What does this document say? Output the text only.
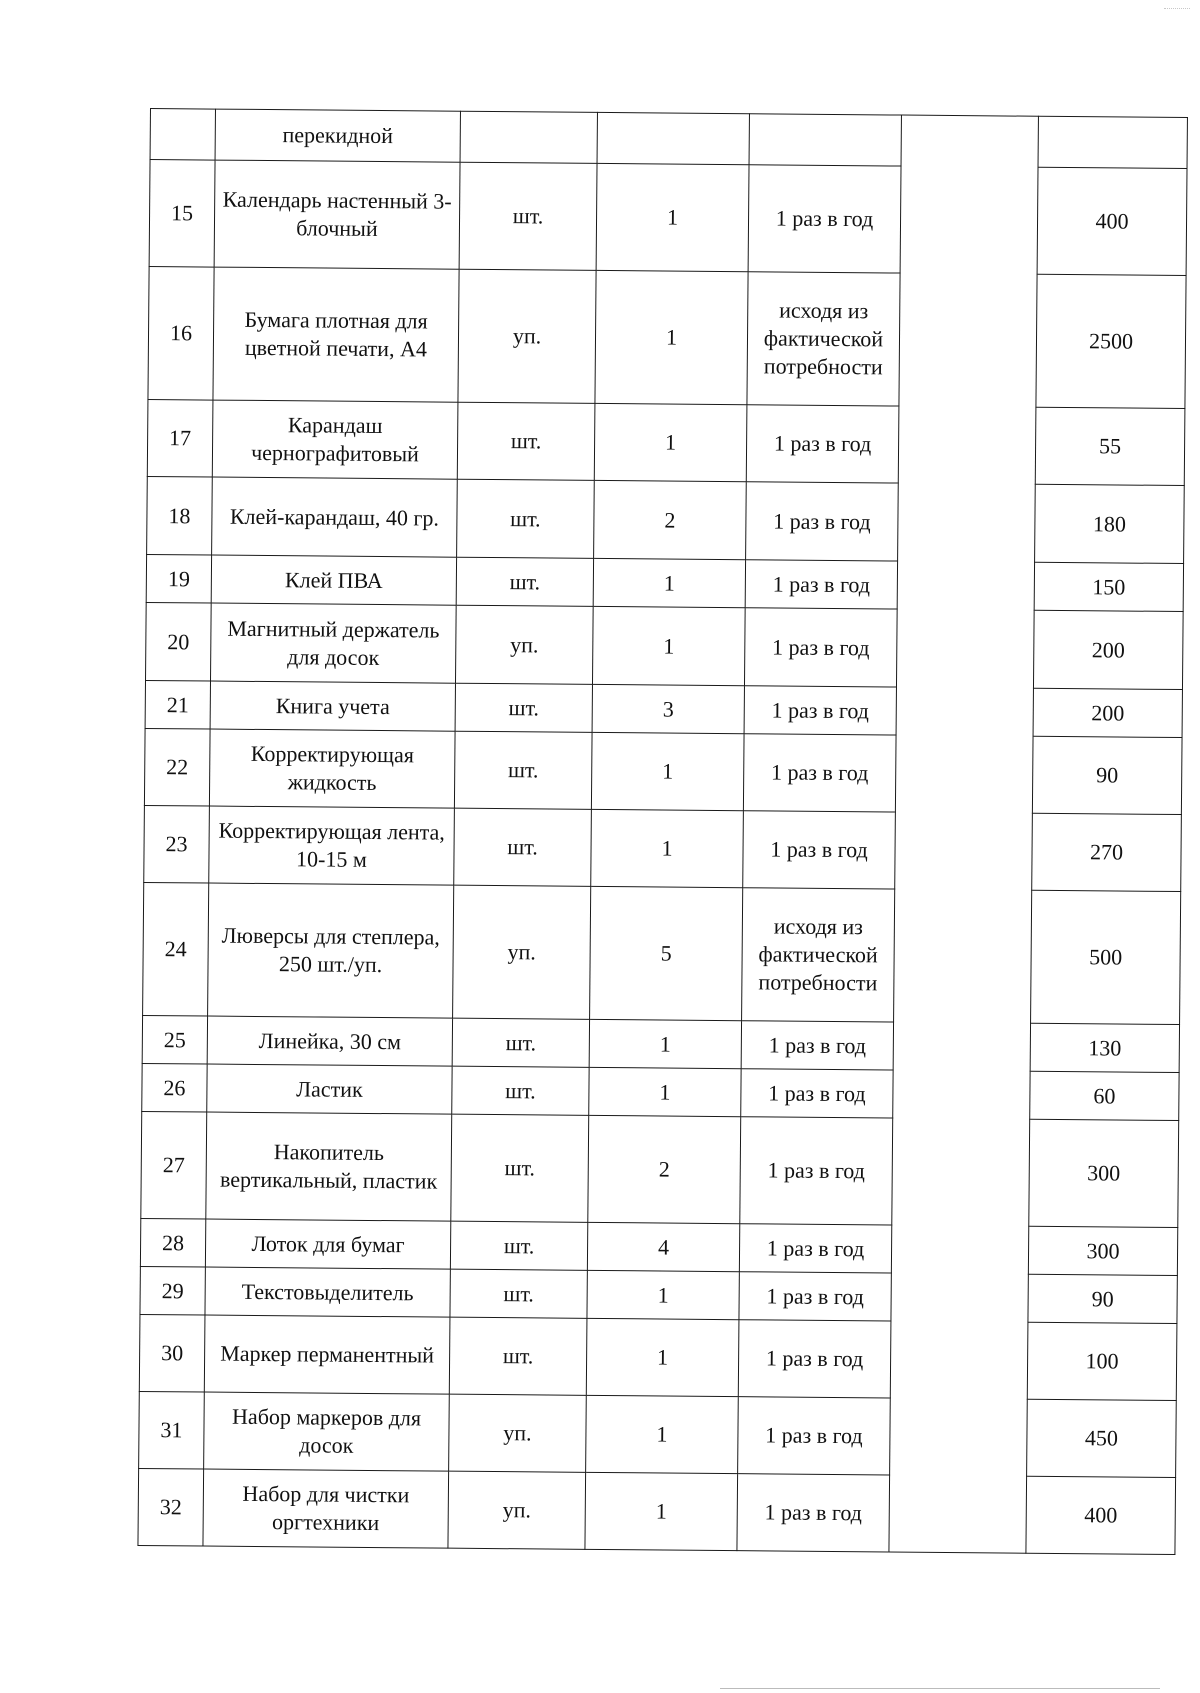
	перекидной					
15	Календарь настенный 3-блочный	шт.	1	1 раз в год		400
16	Бумага плотная для цветной печати, А4	уп.	1	исходя из фактической потребности		2500
17	Карандаш чернографитовый	шт.	1	1 раз в год		55
18	Клей-карандаш, 40 гр.	шт.	2	1 раз в год		180
19	Клей ПВА	шт.	1	1 раз в год		150
20	Магнитный держатель для досок	уп.	1	1 раз в год		200
21	Книга учета	шт.	3	1 раз в год		200
22	Корректирующая жидкость	шт.	1	1 раз в год		90
23	Корректирующая лента, 10-15 м	шт.	1	1 раз в год		270
24	Люверсы для степлера, 250 шт./уп.	уп.	5	исходя из фактической потребности		500
25	Линейка, 30 см	шт.	1	1 раз в год		130
26	Ластик	шт.	1	1 раз в год		60
27	Накопитель вертикальный, пластик	шт.	2	1 раз в год		300
28	Лоток для бумаг	шт.	4	1 раз в год		300
29	Текстовыделитель	шт.	1	1 раз в год		90
30	Маркер перманентный	шт.	1	1 раз в год		100
31	Набор маркеров для досок	уп.	1	1 раз в год		450
32	Набор для чистки оргтехники	уп.	1	1 раз в год		400
